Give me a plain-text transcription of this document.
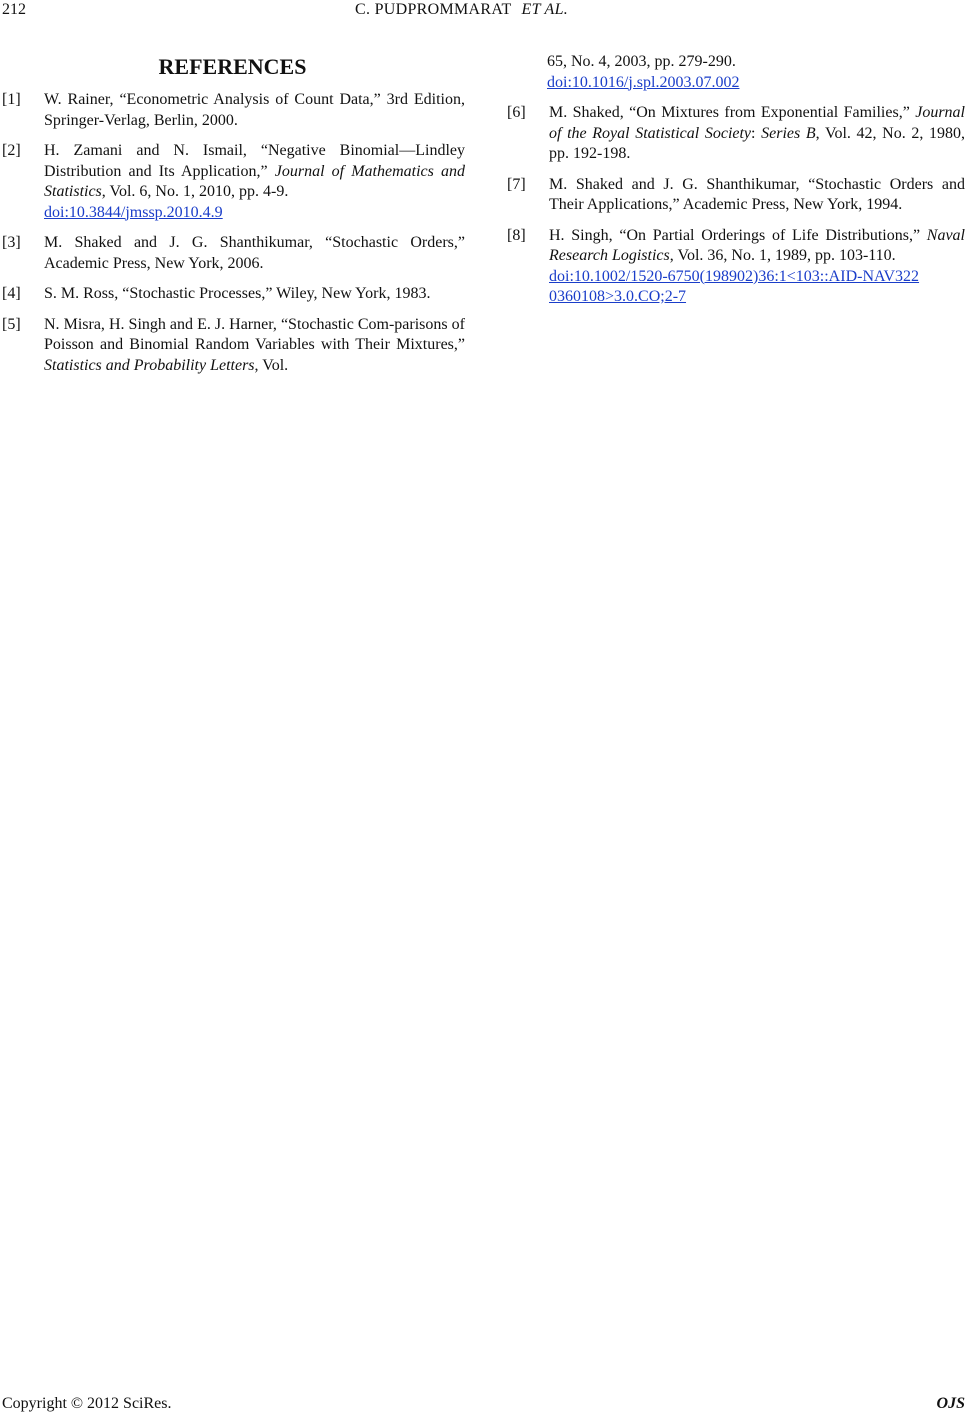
212	C. PUDPROMMARAT ET AL.
REFERENCES
[1]	W. Rainer, “Econometric Analysis of Count Data,” 3rd Edition, Springer-Verlag, Berlin, 2000.
[2]	H. Zamani and N. Ismail, “Negative Binomial—Lindley Distribution and Its Application,” Journal of Mathematics and Statistics, Vol. 6, No. 1, 2010, pp. 4-9.
doi:10.3844/jmssp.2010.4.9
[3]	M. Shaked and J. G. Shanthikumar, “Stochastic Orders,” Academic Press, New York, 2006.
[4]	S. M. Ross, “Stochastic Processes,” Wiley, New York, 1983.
[5]	N. Misra, H. Singh and E. J. Harner, “Stochastic Com-parisons of Poisson and Binomial Random Variables with Their Mixtures,” Statistics and Probability Letters, Vol.
65, No. 4, 2003, pp. 279-290.
doi:10.1016/j.spl.2003.07.002
[6]	M. Shaked, “On Mixtures from Exponential Families,” Journal of the Royal Statistical Society: Series B, Vol. 42, No. 2, 1980, pp. 192-198.
[7]	M. Shaked and J. G. Shanthikumar, “Stochastic Orders and Their Applications,” Academic Press, New York, 1994.
[8]	H. Singh, “On Partial Orderings of Life Distributions,” Naval Research Logistics, Vol. 36, No. 1, 1989, pp. 103-110.
doi:10.1002/1520-6750(198902)36:1<103::AID-NAV322
0360108>3.0.CO;2-7
Copyright © 2012 SciRes.	OJS
